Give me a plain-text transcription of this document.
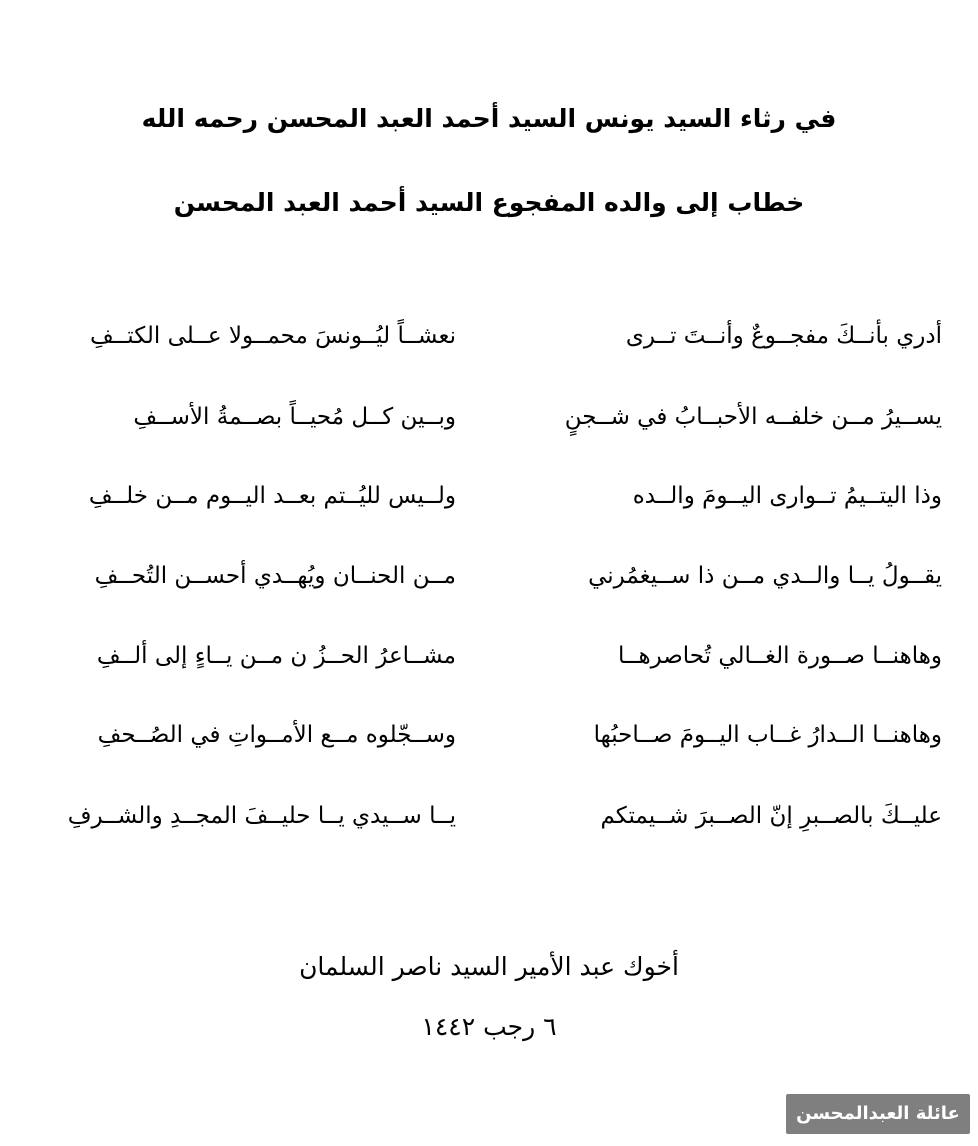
في رثاء السيد يونس السيد أحمد العبد المحسن رحمه الله
خطاب إلى والده المفجوع السيد أحمد العبد المحسن
أدري بأنــكَ مفجــوعٌ وأنــتَ تــرى
نعشــاً ليُــونسَ محمــولا عــلى الكتــفِ
يســيرُ مــن خلفــه الأحبــابُ في شــجنٍ
وبــين كــل مُحيــاً بصــمةُ الأســفِ
وذا اليتــيمُ تــوارى اليــومَ والــده
ولــيس لليُــتم بعــد اليــوم مــن خلــفِ
يقــولُ يــا والــدي مــن ذا ســيغمُرني
مــن الحنــان ويُهــدي أحســن التُحــفِ
وهاهنــا صــورة الغــالي تُحاصرهــا
مشــاعرُ الحــزُ ن مــن يــاءٍ إلى ألــفِ
وهاهنــا الــدارُ غــاب اليــومَ صــاحبُها
وســجّلوه مــع الأمــواتِ في الصُــحفِ
عليــكَ بالصــبرِ إنّ الصــبرَ شــيمتكم
يــا ســيدي يــا حليــفَ المجــدِ والشــرفِ
أخوك عبد الأمير السيد ناصر السلمان
٦ رجب ١٤٤٢
عائلة العبدالمحسن
